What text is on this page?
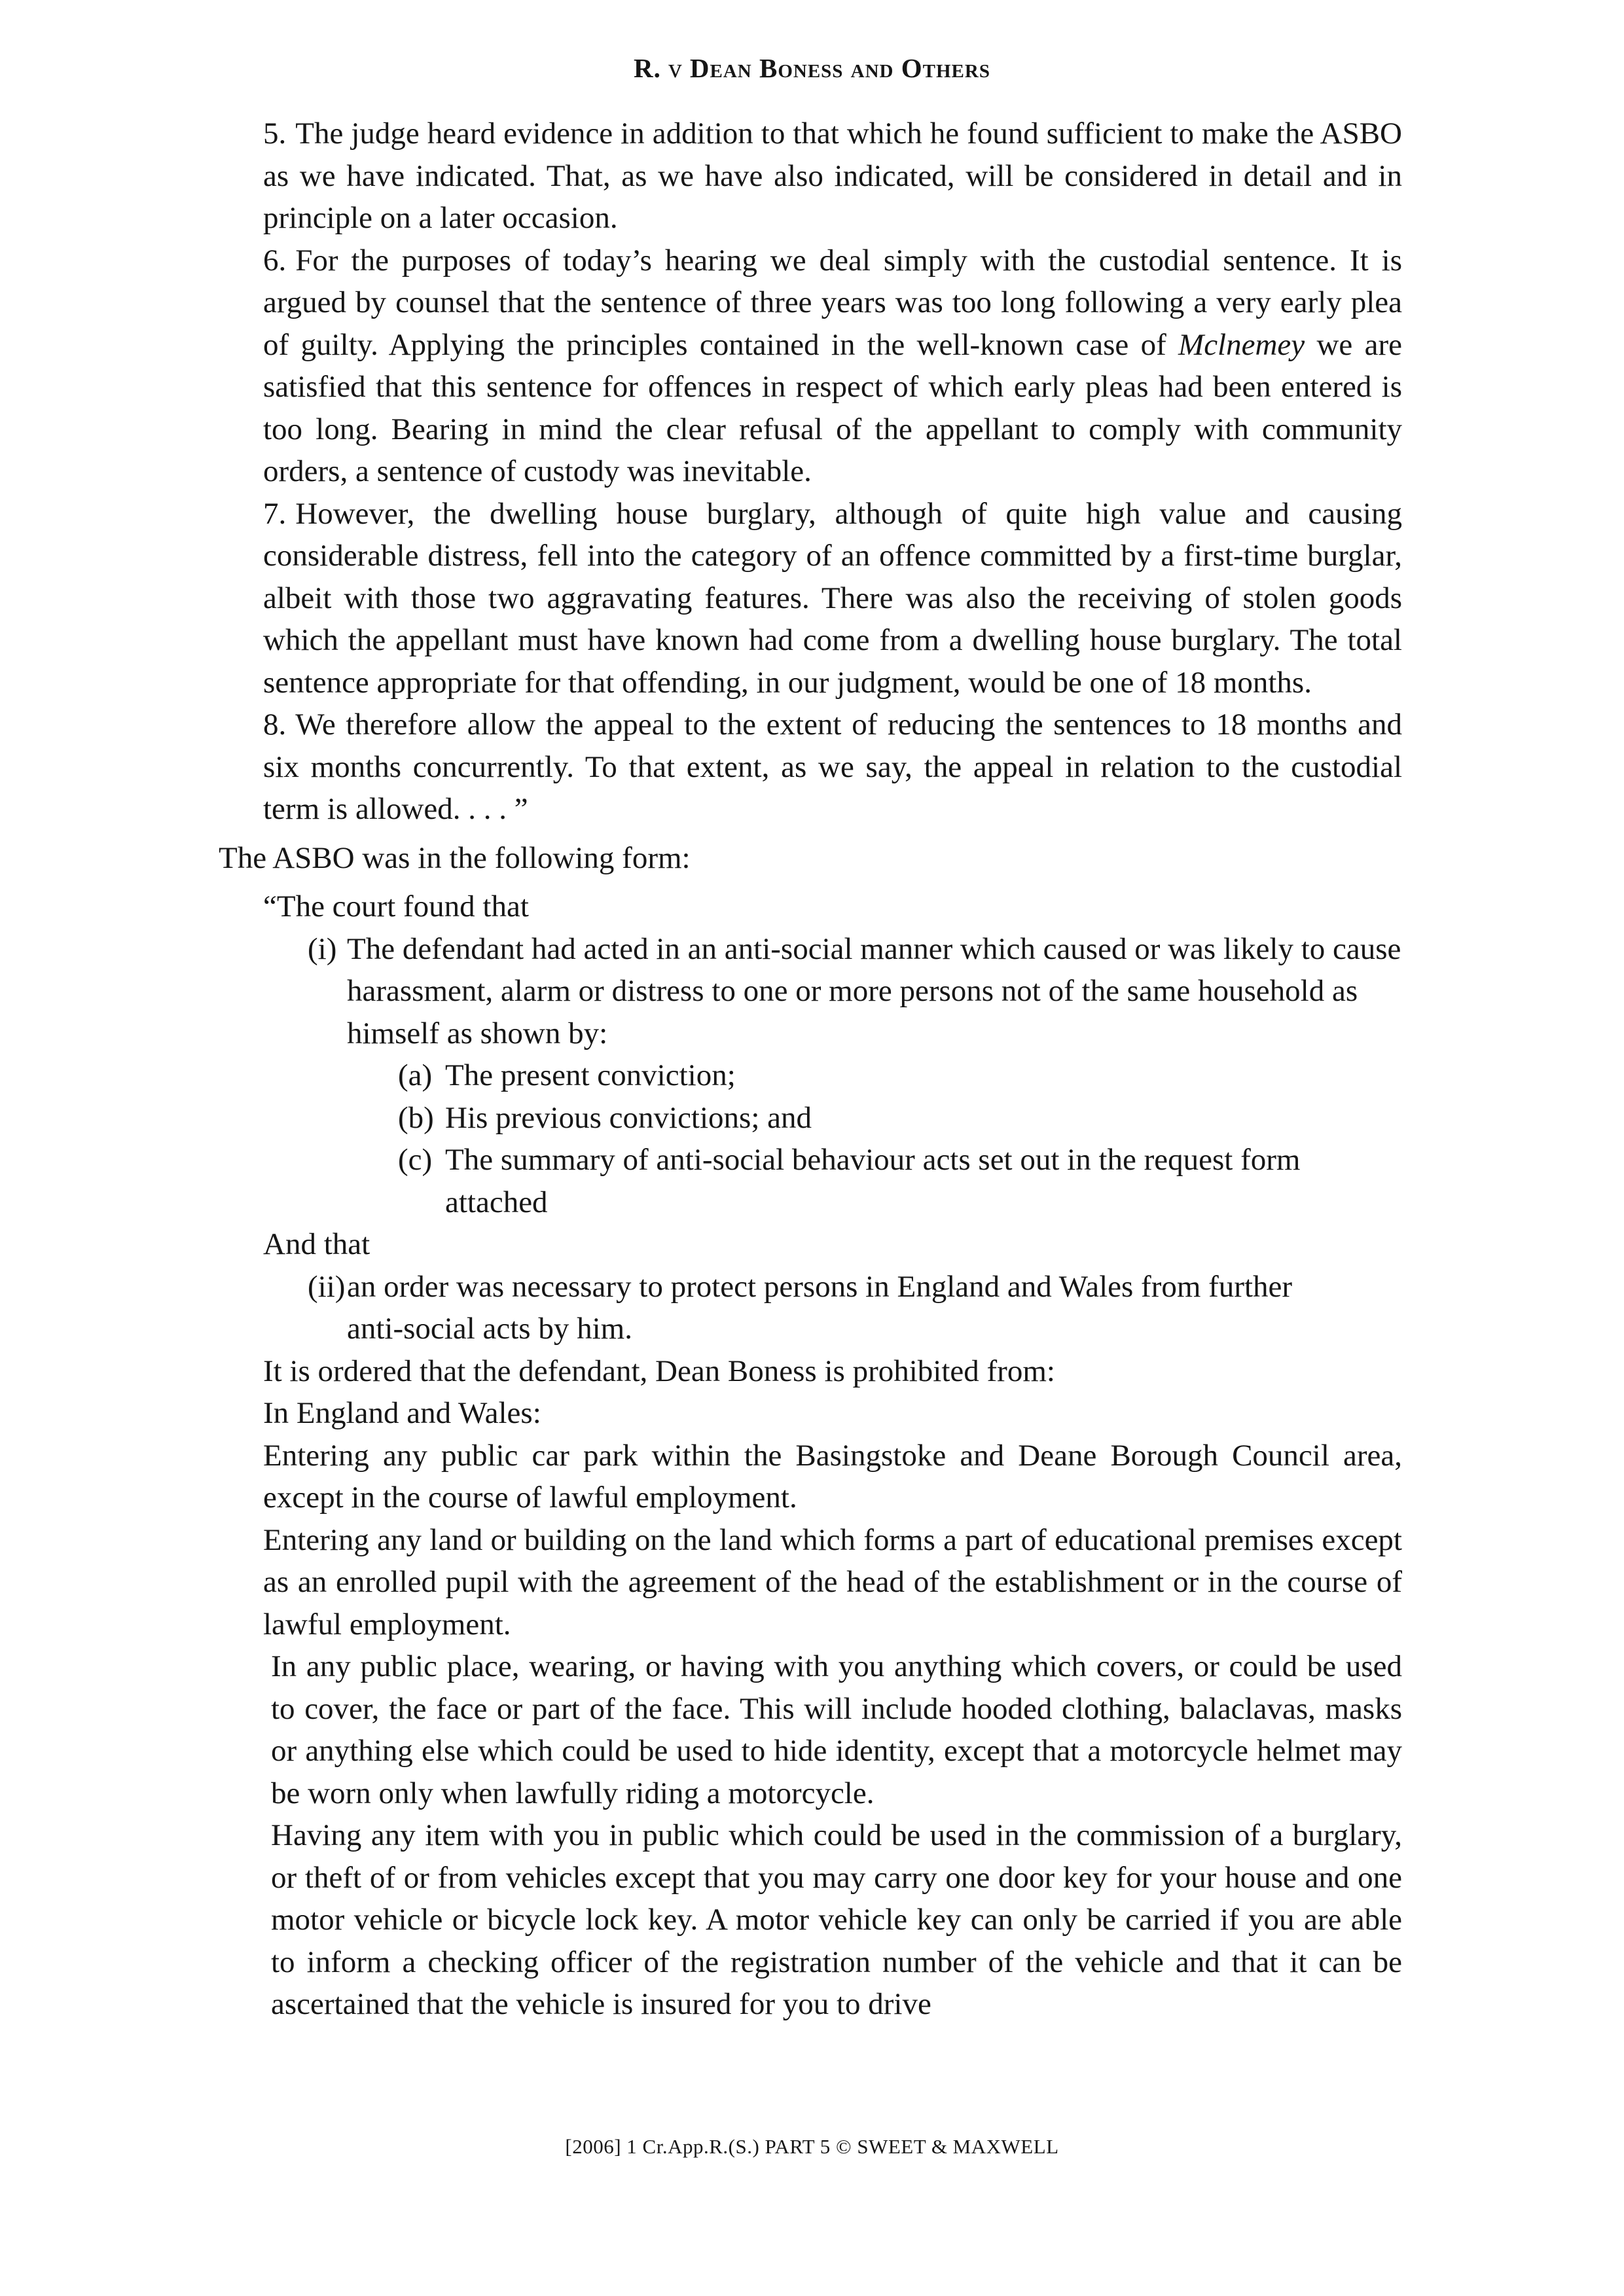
R. v Dean Boness and Others

5. The judge heard evidence in addition to that which he found sufficient to make the ASBO as we have indicated. That, as we have also indicated, will be considered in detail and in principle on a later occasion.

6. For the purposes of today’s hearing we deal simply with the custodial sentence. It is argued by counsel that the sentence of three years was too long following a very early plea of guilty. Applying the principles contained in the well-known case of Mclnemey we are satisfied that this sentence for offences in respect of which early pleas had been entered is too long. Bearing in mind the clear refusal of the appellant to comply with community orders, a sentence of custody was inevitable.

7. However, the dwelling house burglary, although of quite high value and causing considerable distress, fell into the category of an offence committed by a first-time burglar, albeit with those two aggravating features. There was also the receiving of stolen goods which the appellant must have known had come from a dwelling house burglary. The total sentence appropriate for that offending, in our judgment, would be one of 18 months.

8. We therefore allow the appeal to the extent of reducing the sentences to 18 months and six months concurrently. To that extent, as we say, the appeal in relation to the custodial term is allowed. . . . ”

The ASBO was in the following form:

“The court found that

(i) The defendant had acted in an anti-social manner which caused or was likely to cause harassment, alarm or distress to one or more persons not of the same household as himself as shown by:

(a) The present conviction;

(b) His previous convictions; and

(c) The summary of anti-social behaviour acts set out in the request form attached

And that

(ii)an order was necessary to protect persons in England and Wales from further anti-social acts by him.

It is ordered that the defendant, Dean Boness is prohibited from:

In England and Wales:

Entering any public car park within the Basingstoke and Deane Borough Council area, except in the course of lawful employment.

Entering any land or building on the land which forms a part of educational premises except as an enrolled pupil with the agreement of the head of the establishment or in the course of lawful employment.

In any public place, wearing, or having with you anything which covers, or could be used to cover, the face or part of the face. This will include hooded clothing, balaclavas, masks or anything else which could be used to hide identity, except that a motorcycle helmet may be worn only when lawfully riding a motorcycle.

Having any item with you in public which could be used in the commission of a burglary, or theft of or from vehicles except that you may carry one door key for your house and one motor vehicle or bicycle lock key. A motor vehicle key can only be carried if you are able to inform a checking officer of the registration number of the vehicle and that it can be ascertained that the vehicle is insured for you to drive

[2006] 1 Cr.App.R.(S.) PART 5 © SWEET & MAXWELL
